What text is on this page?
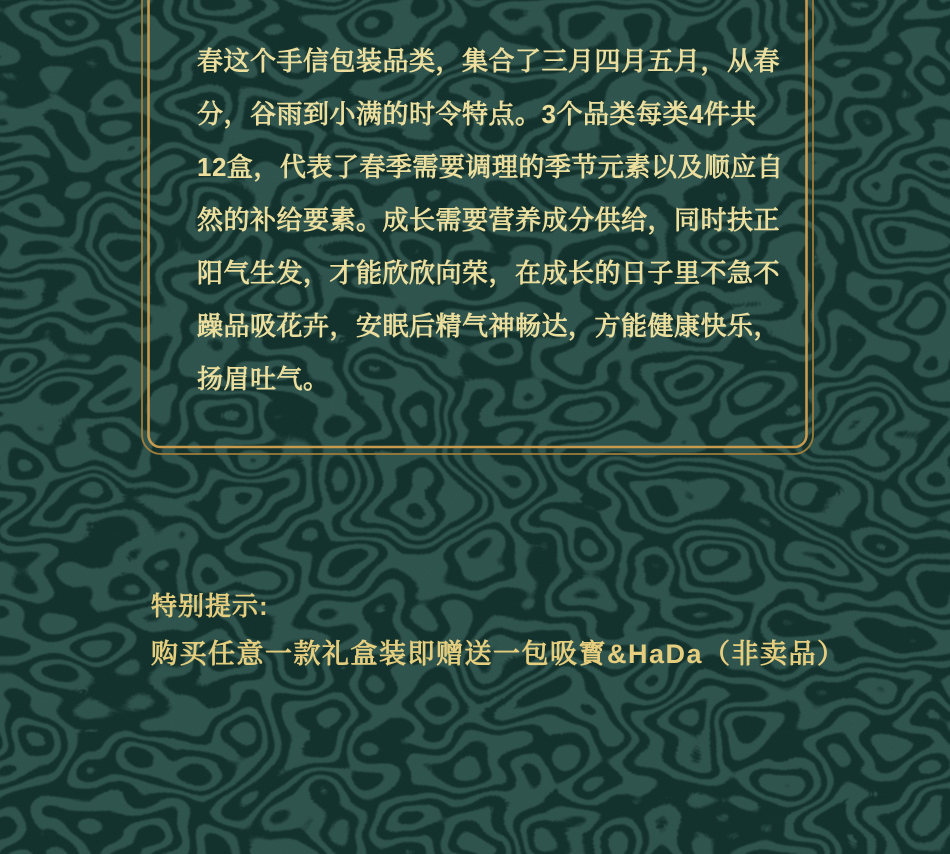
春这个手信包装品类，集合了三月四月五月，从春
分，谷雨到小满的时令特点。3个品类每类4件共
12盒，代表了春季需要调理的季节元素以及顺应自
然的补给要素。成长需要营养成分供给，同时扶正
阳气生发，才能欣欣向荣，在成长的日子里不急不
躁品吸花卉，安眠后精气神畅达，方能健康快乐，
扬眉吐气。
特别提示:
购买任意一款礼盒装即赠送一包吸寳&HaDa（非卖品）
